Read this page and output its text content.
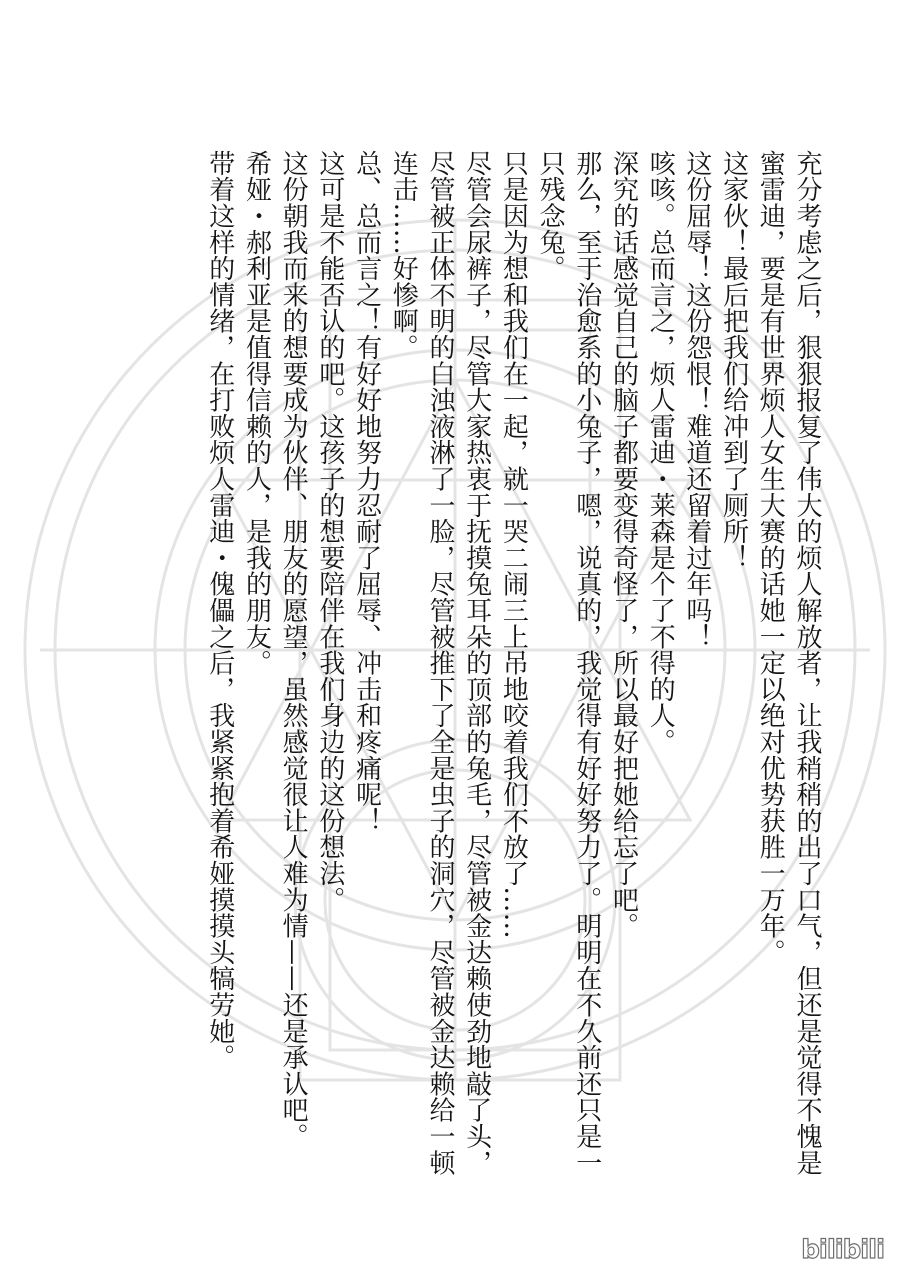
充分考虑之后，狠狠报复了伟大的烦人解放者，让我稍稍的出了口气，但还是觉得不愧是蜜雷迪，要是有世界烦人女生大赛的话她一定以绝对优势获胜一万年。

这家伙！最后把我们给冲到了厕所！

这份屈辱！这份怨恨！难道还留着过年吗！

咳咳。总而言之，烦人雷迪・莱森是个了不得的人。

深究的话感觉自己的脑子都要变得奇怪了，所以最好把她给忘了吧。

那么，至于治愈系的小兔子，嗯，说真的，我觉得有好好努力了。明明在不久前还只是一只残念兔。

只是因为想和我们在一起，就一哭二闹三上吊地咬着我们不放了……

尽管会尿裤子，尽管大家热衷于抚摸兔耳朵的顶部的兔毛，尽管被金达赖使劲地敲了头，尽管被正体不明的白浊液淋了一脸，尽管被推下了全是虫子的洞穴，尽管被金达赖给一顿连击……好惨啊。

总、总而言之！有好好地努力忍耐了屈辱、冲击和疼痛呢！

这可是不能否认的吧。这孩子的想要陪伴在我们身边的这份想法。

这份朝我而来的想要成为伙伴、朋友的愿望，虽然感觉很让人难为情——还是承认吧。

希娅・郝利亚是值得信赖的人，是我的朋友。

带着这样的情绪，在打败烦人雷迪・傀儡之后，我紧紧抱着希娅摸摸头犒劳她。

bilibili
